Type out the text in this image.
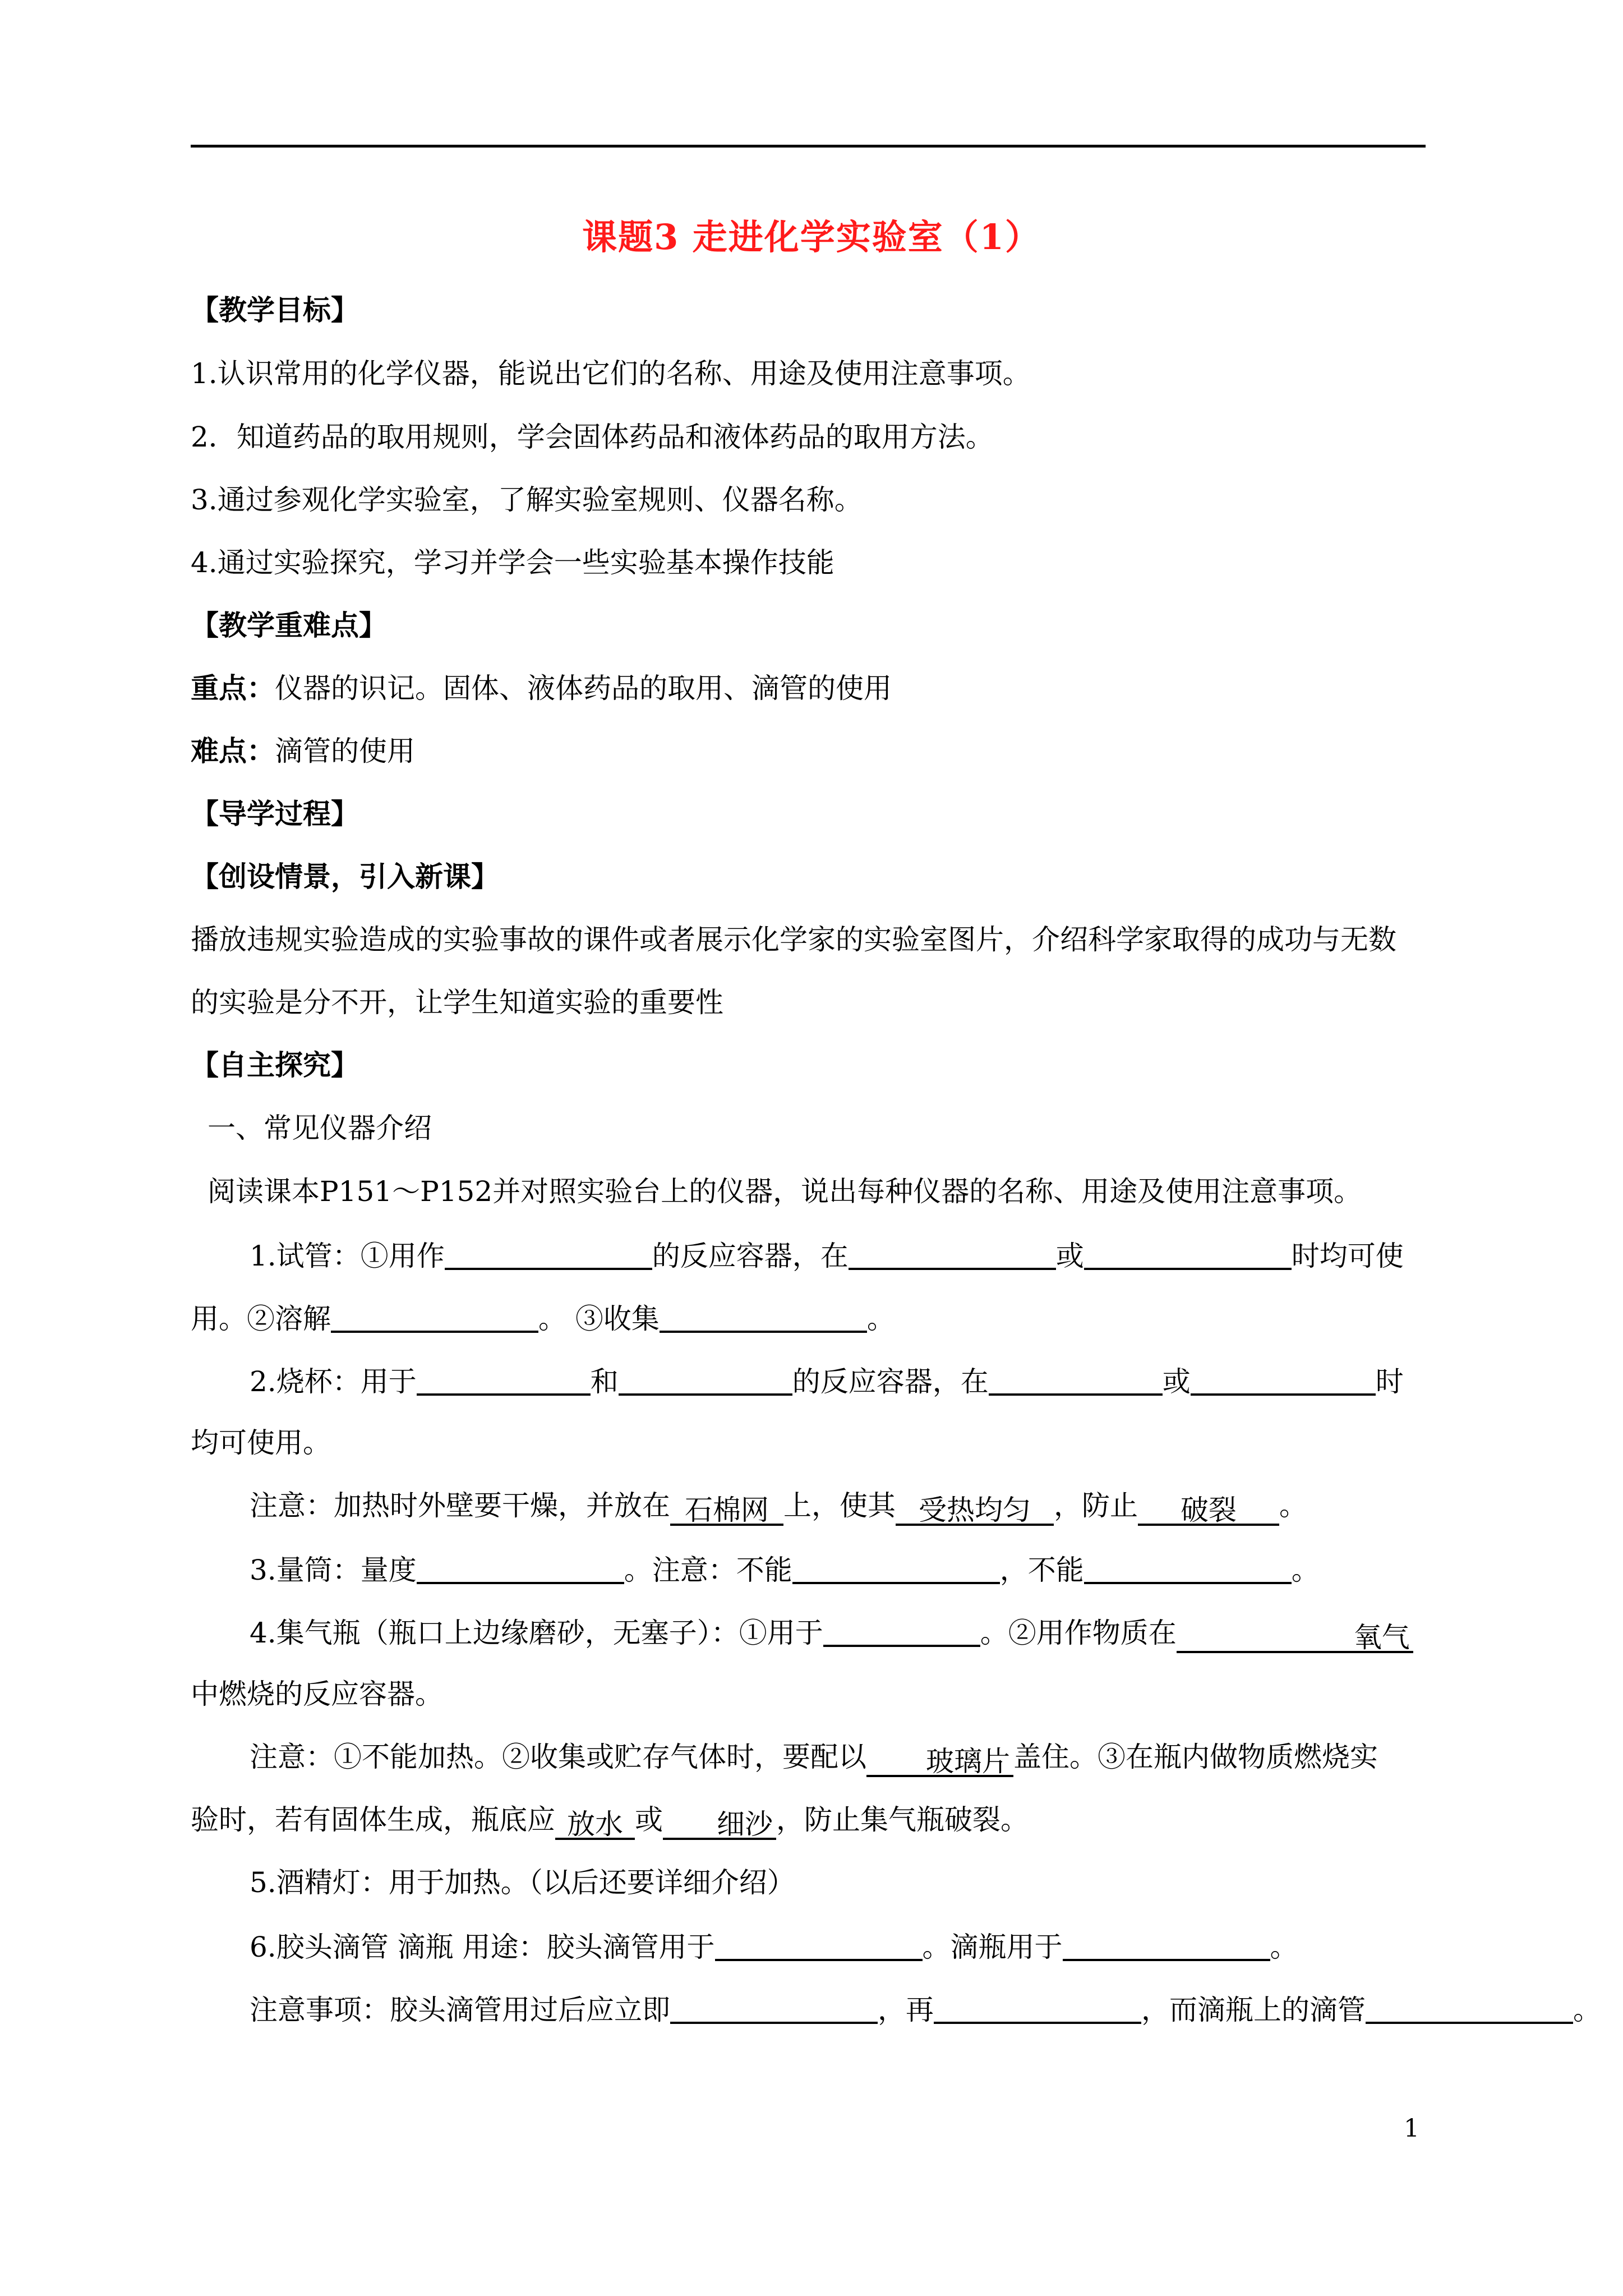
课题3 走进化学实验室（1）
【教学目标】
1.认识常用的化学仪器，能说出它们的名称、用途及使用注意事项。
2．知道药品的取用规则，学会固体药品和液体药品的取用方法。
3.通过参观化学实验室，了解实验室规则、仪器名称。
4.通过实验探究，学习并学会一些实验基本操作技能
【教学重难点】
重点：仪器的识记。固体、液体药品的取用、滴管的使用
难点：滴管的使用
【导学过程】
【创设情景，引入新课】
播放违规实验造成的实验事故的课件或者展示化学家的实验室图片，介绍科学家取得的成功与无数
的实验是分不开，让学生知道实验的重要性
【自主探究】
一、常见仪器介绍
阅读课本P151～P152并对照实验台上的仪器，说出每种仪器的名称、用途及使用注意事项。
1.试管：①用作	的反应容器，在	或	时均可使
用。②溶解	。 ③收集	。
2.烧杯：用于	和	的反应容器，在	或	时
均可使用。
注意：加热时外壁要干燥，并放在 石棉网 上，使其 受热均匀 ，防止 破裂 。
3.量筒：量度	。注意：不能	，不能	。
4.集气瓶（瓶口上边缘磨砂，无塞子）：①用于	。②用作物质在	氧气
中燃烧的反应容器。
注意：①不能加热。②收集或贮存气体时，要配以 玻璃片 盖住。③在瓶内做物质燃烧实
验时，若有固体生成，瓶底应 放水 或 细沙 ，防止集气瓶破裂。
5.酒精灯：用于加热。（以后还要详细介绍）
6.胶头滴管 滴瓶 用途：胶头滴管用于	。滴瓶用于	。
注意事项：胶头滴管用过后应立即	，再	，而滴瓶上的滴管	。
1
